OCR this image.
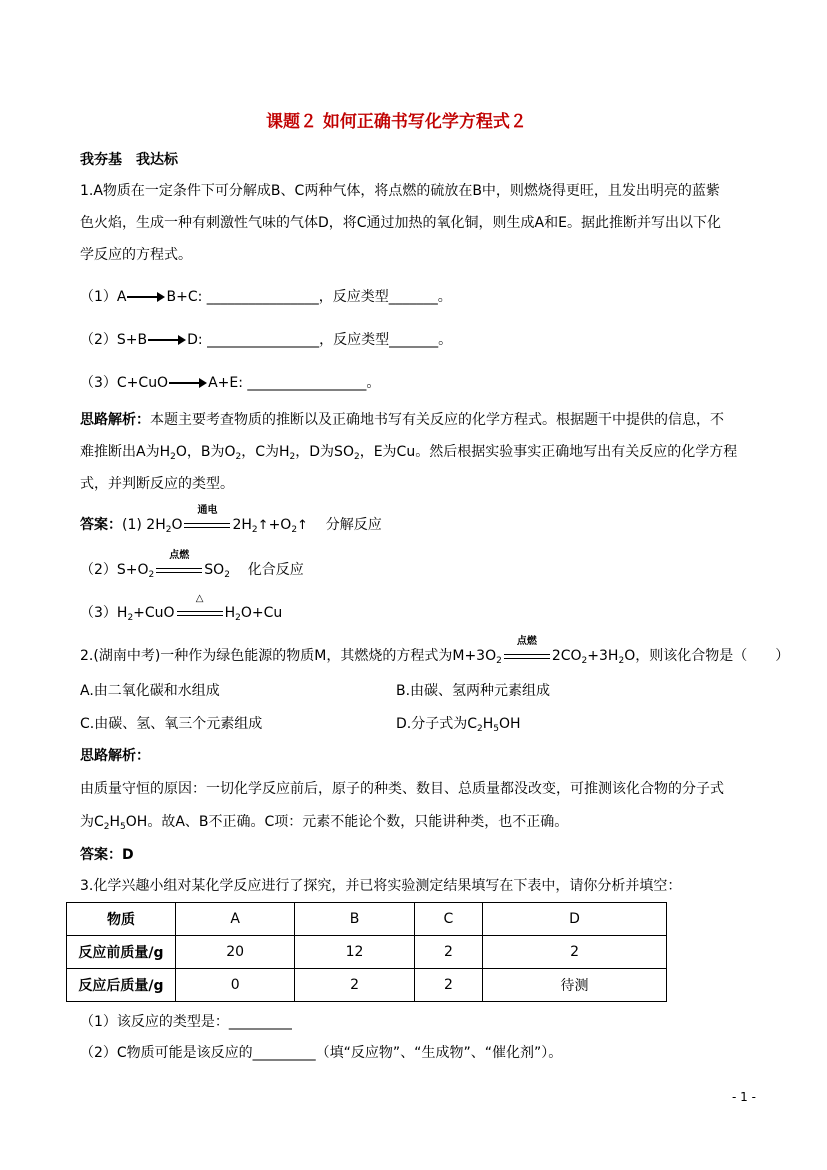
课题２ 如何正确书写化学方程式２
我夯基　我达标
1.A物质在一定条件下可分解成B、C两种气体，将点燃的硫放在B中，则燃烧得更旺，且发出明亮的蓝紫
色火焰，生成一种有刺激性气味的气体D，将C通过加热的氧化铜，则生成A和E。据此推断并写出以下化
学反应的方程式。
（1）A	B+C: ________________，反应类型_______。
（2）S+B	D: ________________，反应类型_______。
（3）C+CuO	A+E: _________________。
思路解析：本题主要考查物质的推断以及正确地书写有关反应的化学方程式。根据题干中提供的信息，不
难推断出A为$H_2O$，B为$O_2$，C为$H_2$，D为$SO_2$，E为Cu。然后根据实验事实正确地写出有关反应的化学方程
式，并判断反应的类型。
答案：(1) $2H_2O$
通电
$2H_2↑+O_2↑$ 分解反应
$(2)S+O_2$
点燃
$SO_2$ 化合反应
$(3)H_2+CuO$
△
$H_2O+Cu$
2.(湖南中考)一种作为绿色能源的物质M，其燃烧的方程式为$M+3O_2$
点燃
$2CO_2+3H_2O$，则该化合物是（　　）
A.由二氧化碳和水组成	B.由碳、氢两种元素组成
C.由碳、氢、氧三个元素组成	D.分子式为$C_2H_5OH$
思路解析：
由质量守恒的原因：一切化学反应前后，原子的种类、数目、总质量都没改变，可推测该化合物的分子式
为$C_2H_5OH$。故A、B不正确。C项：元素不能论个数，只能讲种类，也不正确。
答案：D
3.化学兴趣小组对某化学反应进行了探究，并已将实验测定结果填写在下表中，请你分析并填空：
物质	A	B	C	D
反应前质量/g	20	12	2	2
反应后质量/g	0	2	2	待测
（1）该反应的类型是：_________
（2）C物质可能是该反应的_________（填“反应物”、“生成物”、“催化剂”）。
- 1 -
